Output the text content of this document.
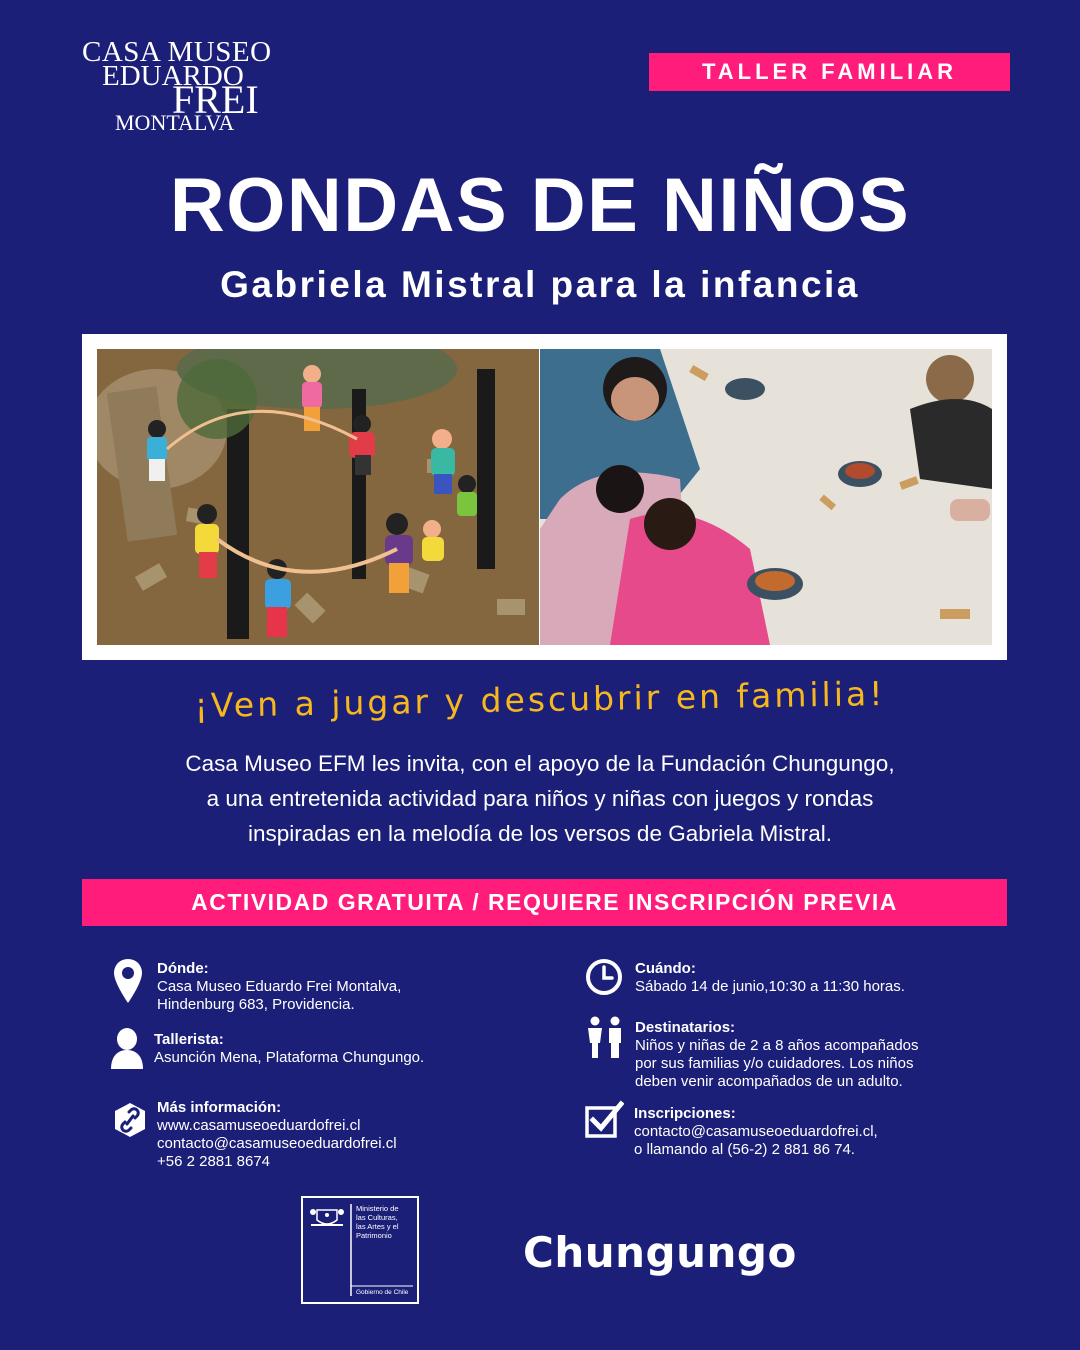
CASA MUSEO
EDUARDO
FREI
MONTALVA
TALLER FAMILIAR
RONDAS DE NIÑOS
Gabriela Mistral para la infancia
¡Ven a jugar y descubrir en familia!
Casa Museo EFM les invita, con el apoyo de la Fundación Chungungo,
a una entretenida actividad para niños y niñas con juegos y rondas
inspiradas en la melodía de los versos de Gabriela Mistral.
ACTIVIDAD GRATUITA / REQUIERE INSCRIPCIÓN PREVIA
Dónde:
Casa Museo Eduardo Frei Montalva,
Hindenburg 683, Providencia.
Tallerista:
Asunción Mena, Plataforma Chungungo.
Más información:
www.casamuseoeduardofrei.cl
contacto@casamuseoeduardofrei.cl
+56 2 2881 8674
Cuándo:
Sábado 14 de junio,10:30 a 11:30 horas.
Destinatarios:
Niños y niñas de 2 a 8 años acompañados
por sus familias y/o cuidadores. Los niños
deben venir acompañados de un adulto.
Inscripciones:
contacto@casamuseoeduardofrei.cl,
o llamando al (56-2) 2 881 86 74.
Ministerio de
las Culturas,
las Artes y el
Patrimonio
Gobierno de Chile
Chungungo
